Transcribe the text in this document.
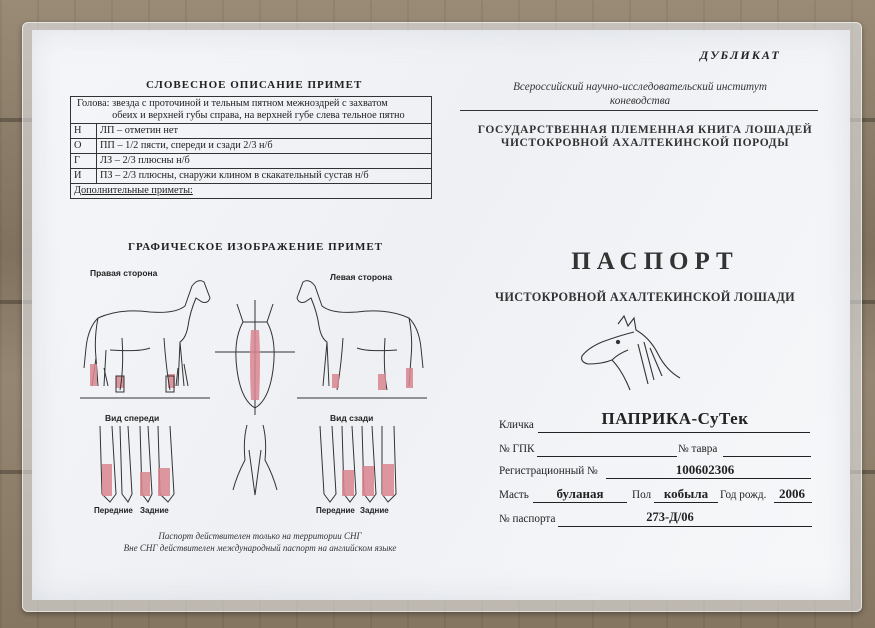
ДУБЛИКАТ
СЛОВЕСНОЕ ОПИСАНИЕ ПРИМЕТ
Голова: звезда с проточиной и тельным пятном межноздрей с захватом обеих и верхней губы справа, на верхней губе слева тельное пятно	
Н	ЛП – отметин нет
О	ПП – 1/2 пясти, спереди и сзади 2/3 н/б
Г	ЛЗ – 2/3 плюсны н/б
И	ПЗ – 2/3 плюсны, снаружи клином в скакательный сустав н/б
Дополнительные приметы:	
ГРАФИЧЕСКОЕ ИЗОБРАЖЕНИЕ ПРИМЕТ
Правая сторона	Левая сторона
Вид спереди	Вид сзади
Передние Задние	Передние Задние
Паспорт действителен только на территории СНГ
Вне СНГ действителен международный паспорт на английском языке
Всероссийский научно-исследовательский институт
коневодства
ГОСУДАРСТВЕННАЯ ПЛЕМЕННАЯ КНИГА ЛОШАДЕЙ
ЧИСТОКРОВНОЙ АХАЛТЕКИНСКОЙ ПОРОДЫ
ПАСПОРТ
ЧИСТОКРОВНОЙ АХАЛТЕКИНСКОЙ ЛОШАДИ
Кличка	ПАПРИКА-СуТек
№ ГПК	№ тавра
Регистрационный №	100602306
Масть	буланая	Пол кобыла	Год рожд. 2006
№ паспорта	273-Д/06
